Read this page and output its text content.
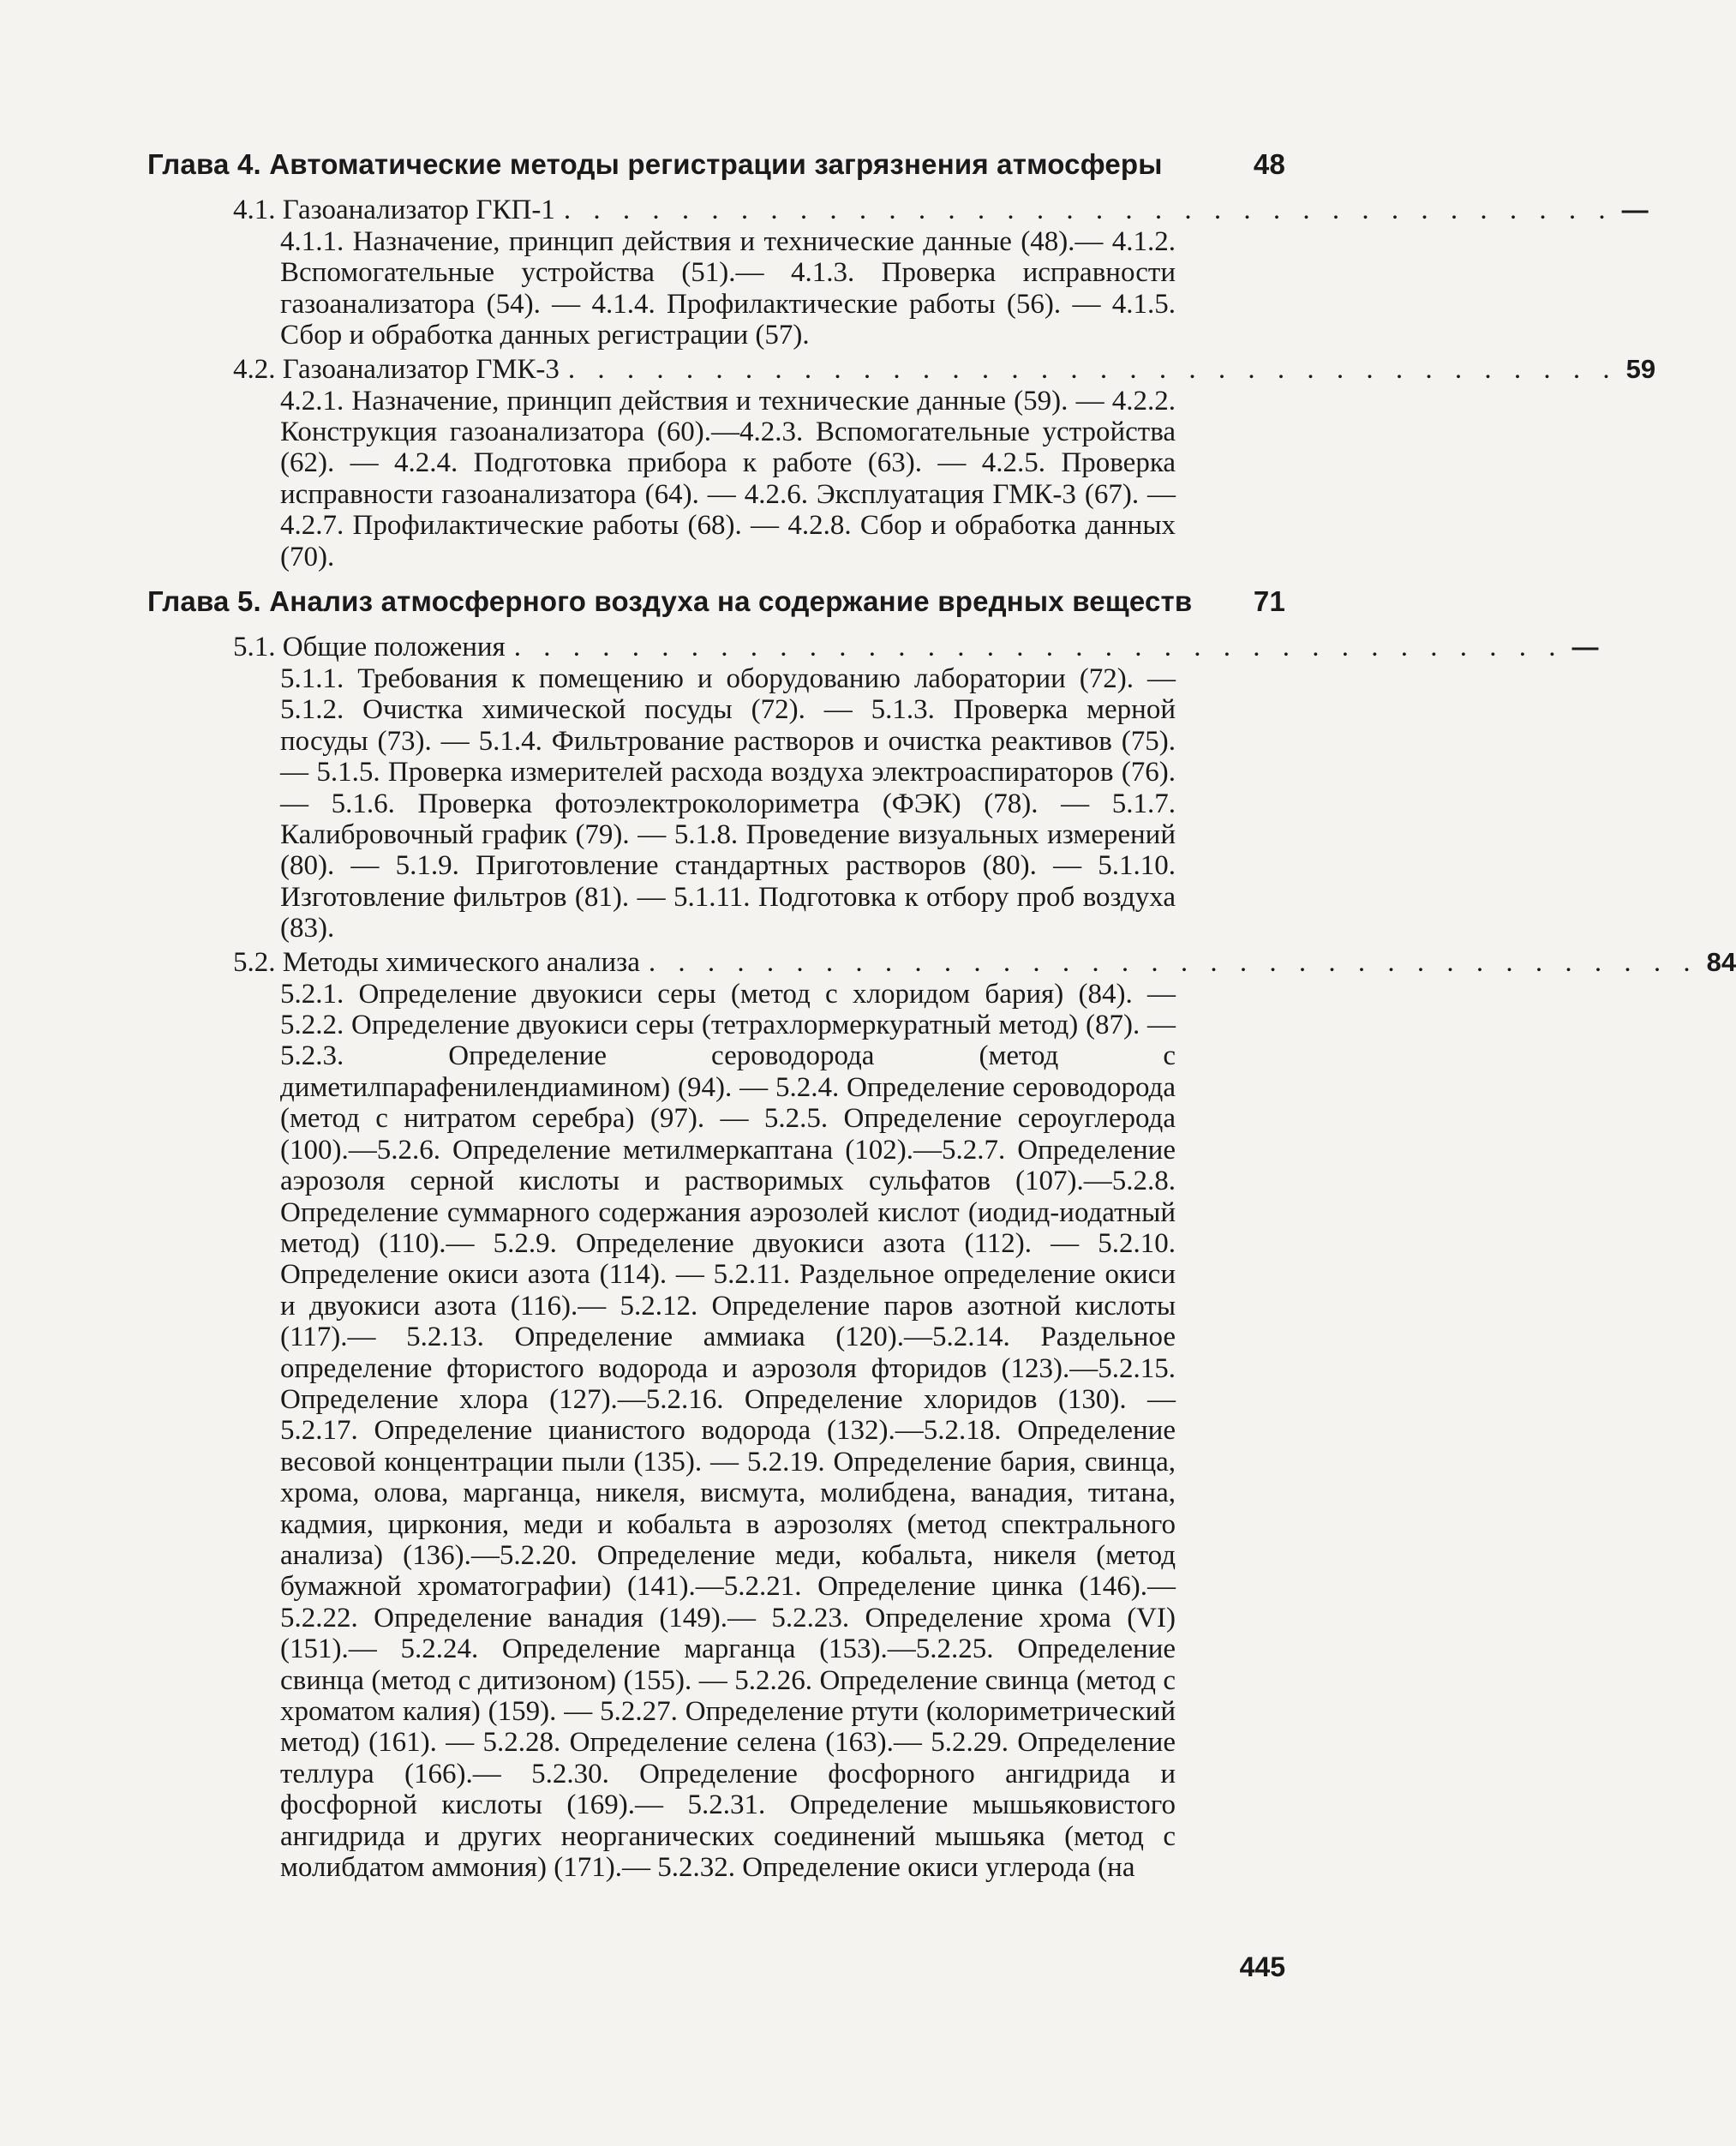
Глава 4. Автоматические методы регистрации загрязнения атмосферы	48
4.1. Газоанализатор ГКП-1 . . . . . . . . . . . . . . . . . . . . . . . . . . . . . . . . . . . . —
4.1.1. Назначение, принцип действия и технические данные (48).— 4.1.2. Вспомогательные устройства (51).— 4.1.3. Проверка исправности газоанализатора (54). — 4.1.4. Профилактические работы (56). — 4.1.5. Сбор и обработка данных регистрации (57).
4.2. Газоанализатор ГМК-3 . . . . . . . . . . . . . . . . . . . . . . . . . . . . . . . . . . . . 59
4.2.1. Назначение, принцип действия и технические данные (59). — 4.2.2. Конструкция газоанализатора (60).—4.2.3. Вспомогательные устройства (62). — 4.2.4. Подготовка прибора к работе (63). — 4.2.5. Проверка исправности газоанализатора (64). — 4.2.6. Эксплуатация ГМК-3 (67). — 4.2.7. Профилактические работы (68). — 4.2.8. Сбор и обработка данных (70).
Глава 5. Анализ атмосферного воздуха на содержание вредных веществ	71
5.1. Общие положения . . . . . . . . . . . . . . . . . . . . . . . . . . . . . . . . . . . . —
5.1.1. Требования к помещению и оборудованию лаборатории (72). — 5.1.2. Очистка химической посуды (72). — 5.1.3. Проверка мерной посуды (73). — 5.1.4. Фильтрование растворов и очистка реактивов (75). — 5.1.5. Проверка измерителей расхода воздуха электроаспираторов (76). — 5.1.6. Проверка фотоэлектроколориметра (ФЭК) (78). — 5.1.7. Калибровочный график (79). — 5.1.8. Проведение визуальных измерений (80). — 5.1.9. Приготовление стандартных растворов (80). — 5.1.10. Изготовление фильтров (81). — 5.1.11. Подготовка к отбору проб воздуха (83).
5.2. Методы химического анализа . . . . . . . . . . . . . . . . . . . . . . . . . . . . . . . . . . . . 84
5.2.1. Определение двуокиси серы (метод с хлоридом бария) (84). — 5.2.2. Определение двуокиси серы (тетрахлормеркуратный метод) (87). — 5.2.3. Определение сероводорода (метод с диметилпарафенилендиамином) (94). — 5.2.4. Определение сероводорода (метод с нитратом серебра) (97). — 5.2.5. Определение сероуглерода (100).—5.2.6. Определение метилмеркаптана (102).—5.2.7. Определение аэрозоля серной кислоты и растворимых сульфатов (107).—5.2.8. Определение суммарного содержания аэрозолей кислот (иодид-иодатный метод) (110).— 5.2.9. Определение двуокиси азота (112). — 5.2.10. Определение окиси азота (114). — 5.2.11. Раздельное определение окиси и двуокиси азота (116).— 5.2.12. Определение паров азотной кислоты (117).— 5.2.13. Определение аммиака (120).—5.2.14. Раздельное определение фтористого водорода и аэрозоля фторидов (123).—5.2.15. Определение хлора (127).—5.2.16. Определение хлоридов (130). — 5.2.17. Определение цианистого водорода (132).—5.2.18. Определение весовой концентрации пыли (135). — 5.2.19. Определение бария, свинца, хрома, олова, марганца, никеля, висмута, молибдена, ванадия, титана, кадмия, циркония, меди и кобальта в аэрозолях (метод спектрального анализа) (136).—5.2.20. Определение меди, кобальта, никеля (метод бумажной хроматографии) (141).—5.2.21. Определение цинка (146).—5.2.22. Определение ванадия (149).— 5.2.23. Определение хрома (VI) (151).— 5.2.24. Определение марганца (153).—5.2.25. Определение свинца (метод с дитизоном) (155). — 5.2.26. Определение свинца (метод с хроматом калия) (159). — 5.2.27. Определение ртути (колориметрический метод) (161). — 5.2.28. Определение селена (163).— 5.2.29. Определение теллура (166).— 5.2.30. Определение фосфорного ангидрида и фосфорной кислоты (169).— 5.2.31. Определение мышьяковистого ангидрида и других неорганических соединений мышьяка (метод с молибдатом аммония) (171).— 5.2.32. Определение окиси углерода (на
445
